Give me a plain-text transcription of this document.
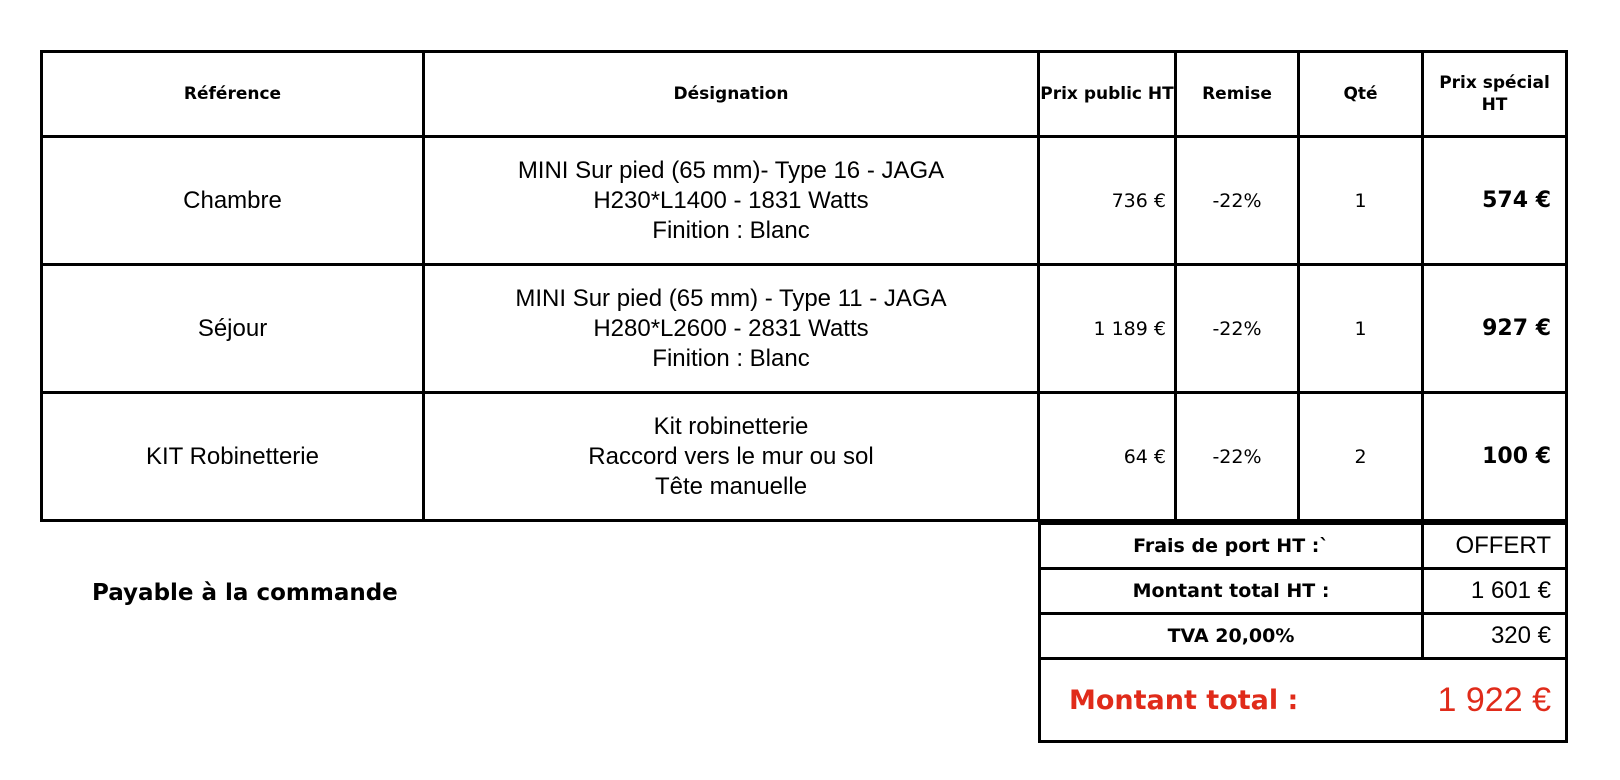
Référence	Désignation	Prix public HT	Remise	Qté	Prix spécial
HT

Chambre	MINI Sur pied (65 mm)- Type 16 - JAGA
H230*L1400 - 1831 Watts
Finition : Blanc	736 €	-22%	1	574 €
Séjour	MINI Sur pied (65 mm) - Type 11 - JAGA
H280*L2600 - 2831 Watts
Finition : Blanc	1 189 €	-22%	1	927 €
KIT Robinetterie	Kit robinetterie
Raccord vers le mur ou sol
Tête manuelle	64 €	-22%	2	100 €
Frais de port HT :`	OFFERT
Montant total HT :	1 601 €
TVA 20,00%	320 €

Montant total : 1 922 €	
Payable à la commande
